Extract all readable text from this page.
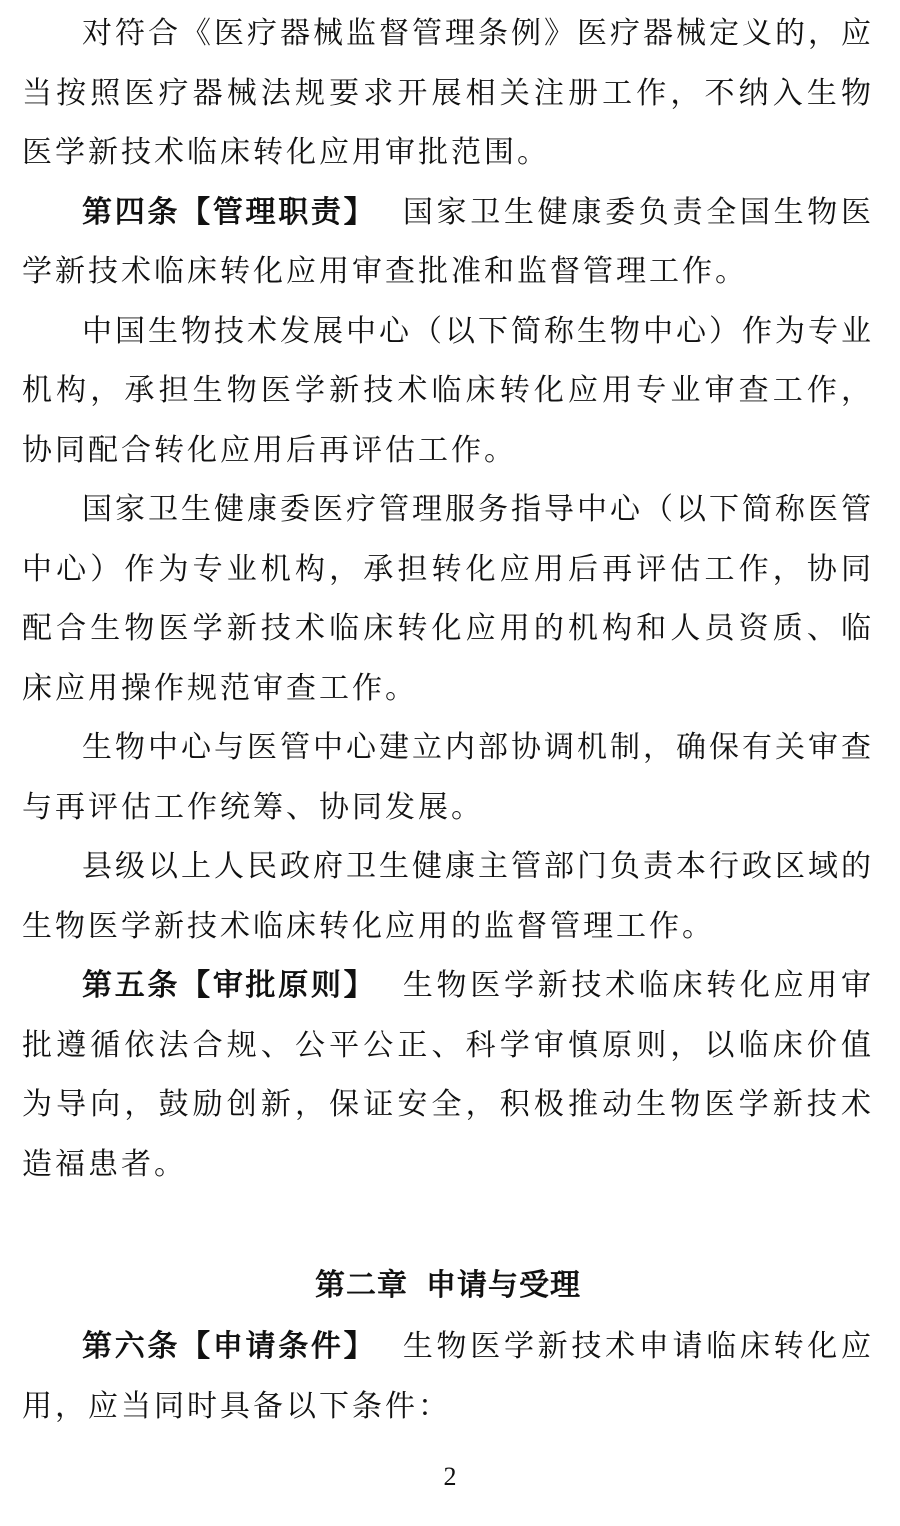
对符合《医疗器械监督管理条例》医疗器械定义的，应当按照医疗器械法规要求开展相关注册工作，不纳入生物医学新技术临床转化应用审批范围。

第四条【管理职责】 国家卫生健康委负责全国生物医学新技术临床转化应用审查批准和监督管理工作。

中国生物技术发展中心（以下简称生物中心）作为专业机构，承担生物医学新技术临床转化应用专业审查工作，协同配合转化应用后再评估工作。

国家卫生健康委医疗管理服务指导中心（以下简称医管中心）作为专业机构，承担转化应用后再评估工作，协同配合生物医学新技术临床转化应用的机构和人员资质、临床应用操作规范审查工作。

生物中心与医管中心建立内部协调机制，确保有关审查与再评估工作统筹、协同发展。

县级以上人民政府卫生健康主管部门负责本行政区域的生物医学新技术临床转化应用的监督管理工作。

第五条【审批原则】 生物医学新技术临床转化应用审批遵循依法合规、公平公正、科学审慎原则，以临床价值为导向，鼓励创新，保证安全，积极推动生物医学新技术造福患者。

第二章 申请与受理

第六条【申请条件】 生物医学新技术申请临床转化应用，应当同时具备以下条件：

2
